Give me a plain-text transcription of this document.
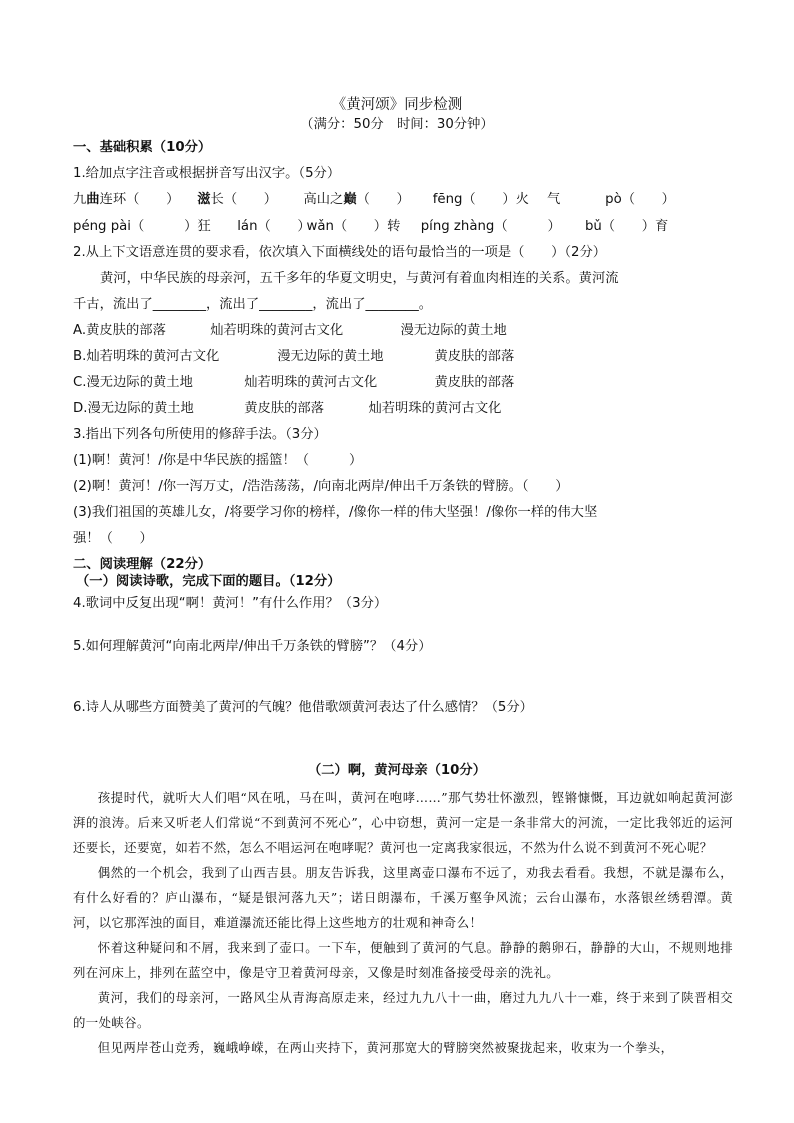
《黄河颂》同步检测
（满分：50分　时间：30分钟）
一、基础积累（10分）
1.给加点字注音或根据拼音写出汉字。（5分）
九曲连环（　　） 滋长（　　） 高山之巅（　　） fēng（　　）火 气	pò（　　）
péng pài（　　　）狂 lán（　　） wǎn（　　）转 píng zhàng（　　　） bǔ（　　）育
2.从上下文语意连贯的要求看，依次填入下面横线处的语句最恰当的一项是（　　）（2分）
黄河，中华民族的母亲河，五千多年的华夏文明史，与黄河有着血肉相连的关系。黄河流
千古，流出了________，流出了________，流出了________。
A.黄皮肤的部落	灿若明珠的黄河古文化	漫无边际的黄土地
B.灿若明珠的黄河古文化	漫无边际的黄土地	黄皮肤的部落
C.漫无边际的黄土地	灿若明珠的黄河古文化	黄皮肤的部落
D.漫无边际的黄土地	黄皮肤的部落	灿若明珠的黄河古文化
3.指出下列各句所使用的修辞手法。（3分）
(1)啊！黄河！/你是中华民族的摇篮！（　　　）
(2)啊！黄河！/你一泻万丈，/浩浩荡荡，/向南北两岸/伸出千万条铁的臂膀。（　　）
(3)我们祖国的英雄儿女，/将要学习你的榜样，/像你一样的伟大坚强！/像你一样的伟大坚
强！（　　）
二、阅读理解（22分）
（一）阅读诗歌，完成下面的题目。（12分）
4.歌词中反复出现“啊！黄河！”有什么作用？（3分）
5.如何理解黄河“向南北两岸/伸出千万条铁的臂膀”？（4分）
6.诗人从哪些方面赞美了黄河的气魄？他借歌颂黄河表达了什么感情？（5分）
（二）啊，黄河母亲（10分）

孩提时代，就听大人们唱“风在吼，马在叫，黄河在咆哮……”那气势壮怀激烈，铿锵慷慨，耳边就如响起黄河澎湃的浪涛。后来又听老人们常说“不到黄河不死心”，心中窃想，黄河一定是一条非常大的河流，一定比我邻近的运河还要长，还要宽，如若不然，怎么不唱运河在咆哮呢？黄河也一定离我家很远，不然为什么说不到黄河不死心呢？

偶然的一个机会，我到了山西吉县。朋友告诉我，这里离壶口瀑布不远了，劝我去看看。我想，不就是瀑布么，有什么好看的？庐山瀑布，“疑是银河落九天”；诺日朗瀑布，千溪万壑争风流；云台山瀑布，水落银丝绣碧潭。黄河，以它那浑浊的面目，难道瀑流还能比得上这些地方的壮观和神奇么！

怀着这种疑问和不屑，我来到了壶口。一下车，便触到了黄河的气息。静静的鹅卵石，静静的大山，不规则地排列在河床上，排列在蓝空中，像是守卫着黄河母亲，又像是时刻准备接受母亲的洗礼。

黄河，我们的母亲河，一路风尘从青海高原走来，经过九九八十一曲，磨过九九八十一难，终于来到了陕晋相交的一处峡谷。

但见两岸苍山竞秀，巍峨峥嵘，在两山夹持下，黄河那宽大的臂膀突然被聚拢起来，收束为一个拳头，
